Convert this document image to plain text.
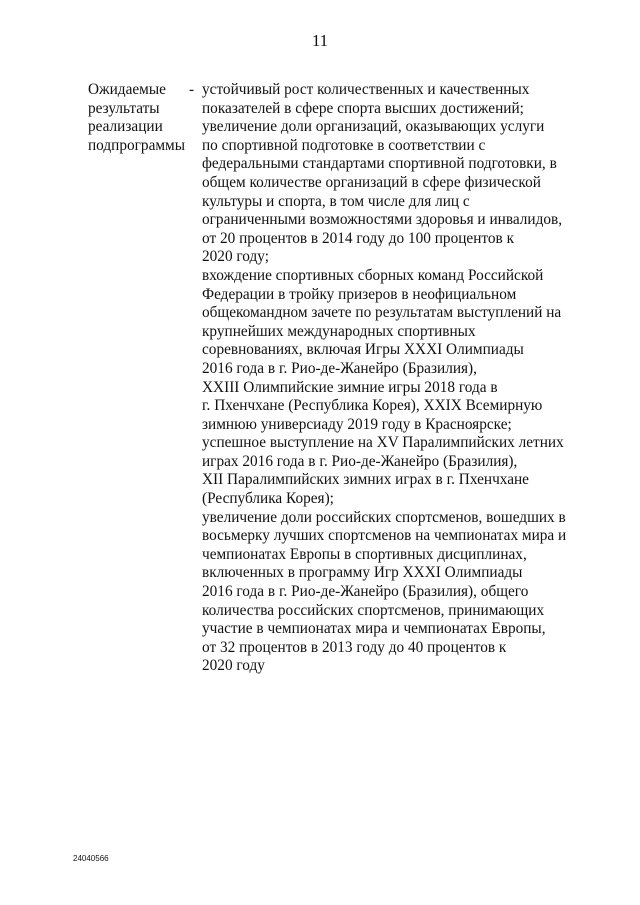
11
Ожидаемые
результаты
реализации
подпрограммы
- устойчивый рост количественных и качественных
показателей в сфере спорта высших достижений;
увеличение доли организаций, оказывающих услуги
по спортивной подготовке в соответствии с
федеральными стандартами спортивной подготовки, в
общем количестве организаций в сфере физической
культуры и спорта, в том числе для лиц с
ограниченными возможностями здоровья и инвалидов,
от 20 процентов в 2014 году до 100 процентов к
2020 году;
вхождение спортивных сборных команд Российской
Федерации в тройку призеров в неофициальном
общекомандном зачете по результатам выступлений на
крупнейших международных спортивных
соревнованиях, включая Игры XXXI Олимпиады
2016 года в г. Рио-де-Жанейро (Бразилия),
XXIII Олимпийские зимние игры 2018 года в
г. Пхенчхане (Республика Корея), XXIX Всемирную
зимнюю универсиаду 2019 году в Красноярске;
успешное выступление на XV Паралимпийских летних
играх 2016 года в г. Рио-де-Жанейро (Бразилия),
XII Паралимпийских зимних играх в г. Пхенчхане
(Республика Корея);
увеличение доли российских спортсменов, вошедших в
восьмерку лучших спортсменов на чемпионатах мира и
чемпионатах Европы в спортивных дисциплинах,
включенных в программу Игр XXXI Олимпиады
2016 года в г. Рио-де-Жанейро (Бразилия), общего
количества российских спортсменов, принимающих
участие в чемпионатах мира и чемпионатах Европы,
от 32 процентов в 2013 году до 40 процентов к
2020 году
24040566
